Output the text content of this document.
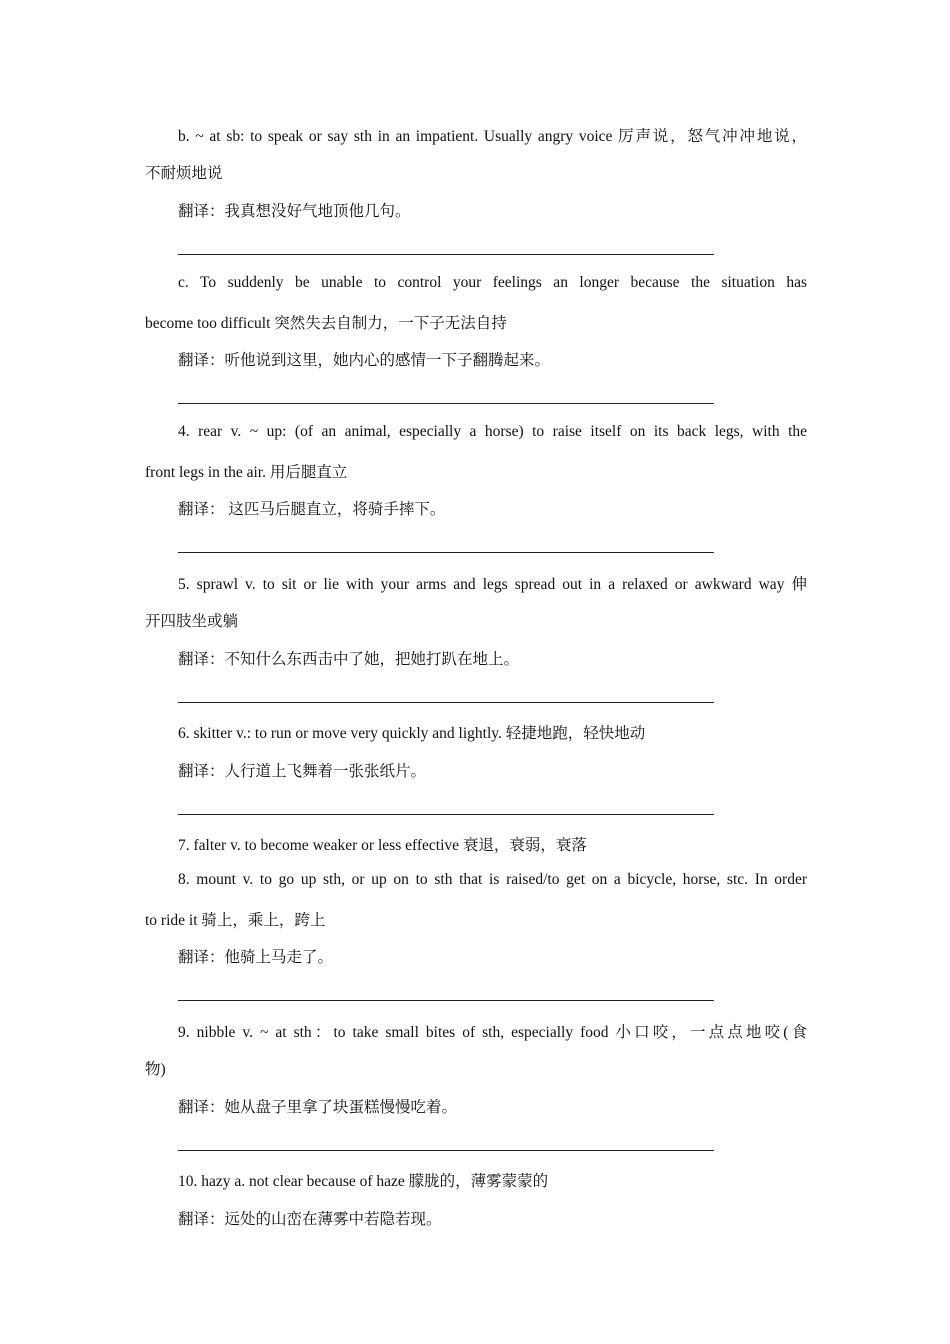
b. ~ at sb: to speak or say sth in an impatient. Usually angry voice 厉声说，怒气冲冲地说，
不耐烦地说
翻译：我真想没好气地顶他几句。
c. To suddenly be unable to control your feelings an longer because the situation has
become too difficult 突然失去自制力，一下子无法自持
翻译：听他说到这里，她内心的感情一下子翻腾起来。
4. rear v. ~ up: (of an animal, especially a horse) to raise itself on its back legs, with the
front legs in the air. 用后腿直立
翻译： 这匹马后腿直立，将骑手摔下。
5. sprawl v. to sit or lie with your arms and legs spread out in a relaxed or awkward way 伸
开四肢坐或躺
翻译：不知什么东西击中了她，把她打趴在地上。
6. skitter v.: to run or move very quickly and lightly. 轻捷地跑，轻快地动
翻译：人行道上飞舞着一张张纸片。
7. falter v. to become weaker or less effective 衰退，衰弱，衰落
8. mount v. to go up sth, or up on to sth that is raised/to get on a bicycle, horse, stc. In order
to ride it 骑上，乘上，跨上
翻译：他骑上马走了。
9. nibble v. ~ at sth：to take small bites of sth, especially food 小口咬，一点点地咬(食
物)
翻译：她从盘子里拿了块蛋糕慢慢吃着。
10. hazy a. not clear because of haze 朦胧的，薄雾蒙蒙的
翻译：远处的山峦在薄雾中若隐若现。
